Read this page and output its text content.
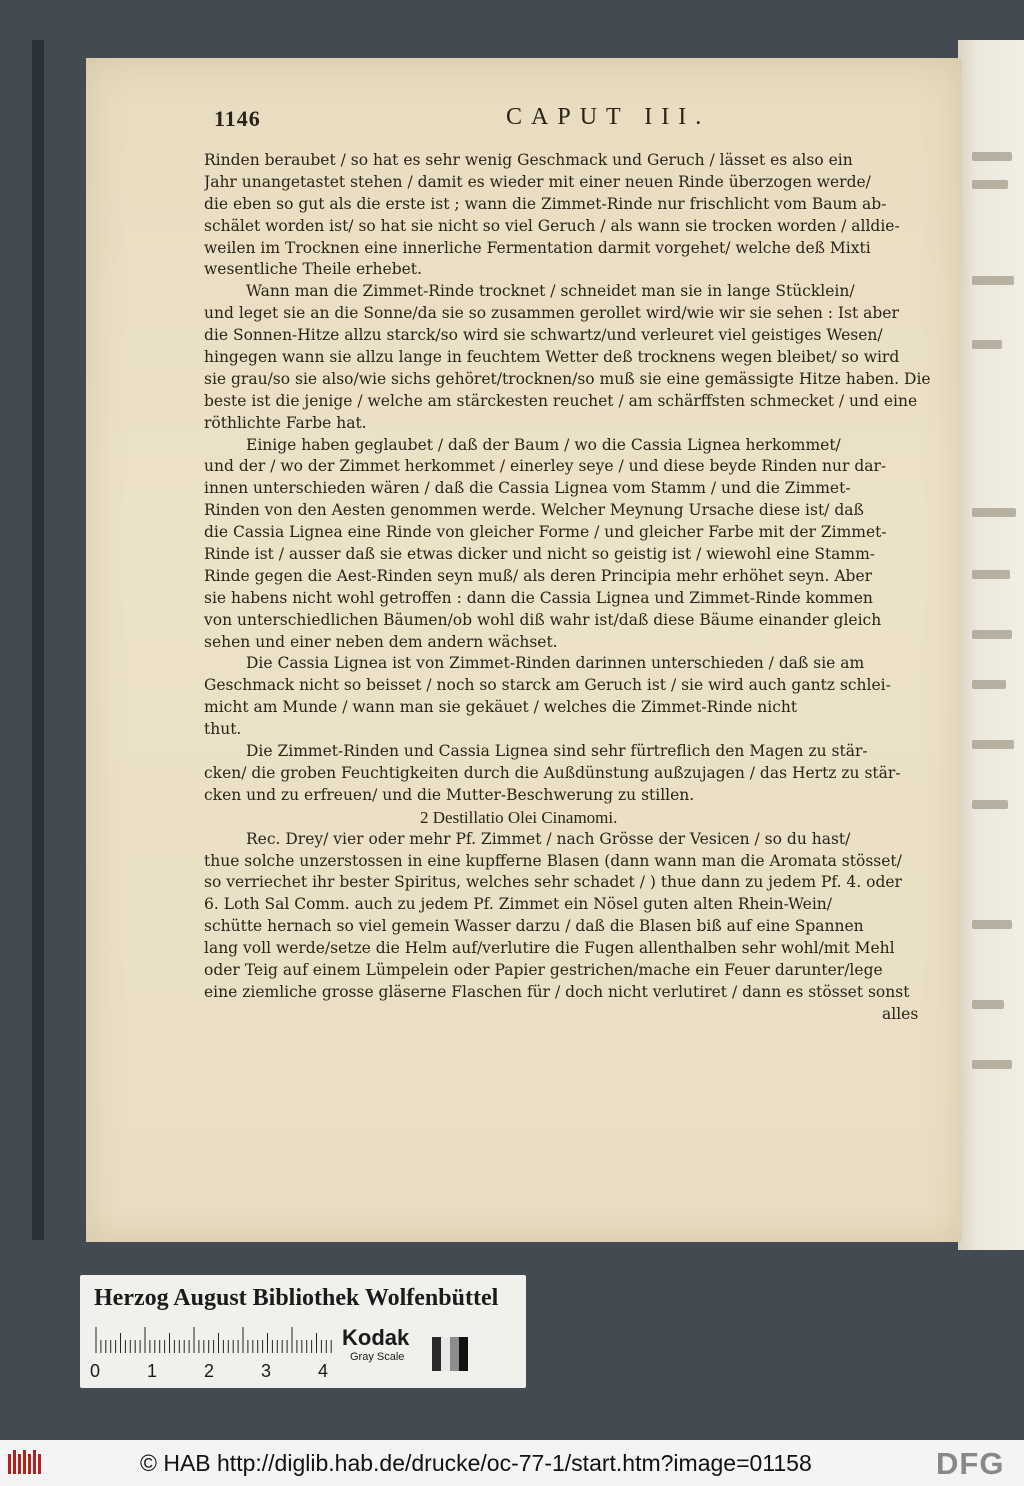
1146	CAPUT III.
Rinden beraubet / so hat es sehr wenig Geschmack und Geruch / lässet es also ein
Jahr unangetastet stehen / damit es wieder mit einer neuen Rinde überzogen werde/
die eben so gut als die erste ist ; wann die Zimmet-Rinde nur frischlicht vom Baum ab-
schälet worden ist/ so hat sie nicht so viel Geruch / als wann sie trocken worden / alldie-
weilen im Trocknen eine innerliche Fermentation darmit vorgehet/ welche deß Mixti
wesentliche Theile erhebet.
Wann man die Zimmet-Rinde trocknet / schneidet man sie in lange Stücklein/
und leget sie an die Sonne/da sie so zusammen gerollet wird/wie wir sie sehen : Ist aber
die Sonnen-Hitze allzu starck/so wird sie schwartz/und verleuret viel geistiges Wesen/
hingegen wann sie allzu lange in feuchtem Wetter deß trocknens wegen bleibet/ so wird
sie grau/so sie also/wie sichs gehöret/trocknen/so muß sie eine gemässigte Hitze haben. Die
beste ist die jenige / welche am stärckesten reuchet / am schärffsten schmecket / und eine
röthlichte Farbe hat.
Einige haben geglaubet / daß der Baum / wo die Cassia Lignea herkommet/
und der / wo der Zimmet herkommet / einerley seye / und diese beyde Rinden nur dar-
innen unterschieden wären / daß die Cassia Lignea vom Stamm / und die Zimmet-
Rinden von den Aesten genommen werde. Welcher Meynung Ursache diese ist/ daß
die Cassia Lignea eine Rinde von gleicher Forme / und gleicher Farbe mit der Zimmet-
Rinde ist / ausser daß sie etwas dicker und nicht so geistig ist / wiewohl eine Stamm-
Rinde gegen die Aest-Rinden seyn muß/ als deren Principia mehr erhöhet seyn. Aber
sie habens nicht wohl getroffen : dann die Cassia Lignea und Zimmet-Rinde kommen
von unterschiedlichen Bäumen/ob wohl diß wahr ist/daß diese Bäume einander gleich
sehen und einer neben dem andern wächset.
Die Cassia Lignea ist von Zimmet-Rinden darinnen unterschieden / daß sie am
Geschmack nicht so beisset / noch so starck am Geruch ist / sie wird auch gantz schlei-
micht am Munde / wann man sie gekäuet / welches die Zimmet-Rinde nicht
thut.
Die Zimmet-Rinden und Cassia Lignea sind sehr fürtreflich den Magen zu stär-
cken/ die groben Feuchtigkeiten durch die Außdünstung außzujagen / das Hertz zu stär-
cken und zu erfreuen/ und die Mutter-Beschwerung zu stillen.
2 Destillatio Olei Cinamomi.
Rec. Drey/ vier oder mehr Pf. Zimmet / nach Grösse der Vesicen / so du hast/
thue solche unzerstossen in eine kupfferne Blasen (dann wann man die Aromata stösset/
so verriechet ihr bester Spiritus, welches sehr schadet / ) thue dann zu jedem Pf. 4. oder
6. Loth Sal Comm. auch zu jedem Pf. Zimmet ein Nösel guten alten Rhein-Wein/
schütte hernach so viel gemein Wasser darzu / daß die Blasen biß auf eine Spannen
lang voll werde/setze die Helm auf/verlutire die Fugen allenthalben sehr wohl/mit Mehl
oder Teig auf einem Lümpelein oder Papier gestrichen/mache ein Feuer darunter/lege
eine ziemliche grosse gläserne Flaschen für / doch nicht verlutiret / dann es stösset sonst
alles
Herzog August Bibliothek Wolfenbüttel
0	1	2	3	4
Kodak
Gray Scale
© HAB http://diglib.hab.de/drucke/oc-77-1/start.htm?image=01158	DFG
